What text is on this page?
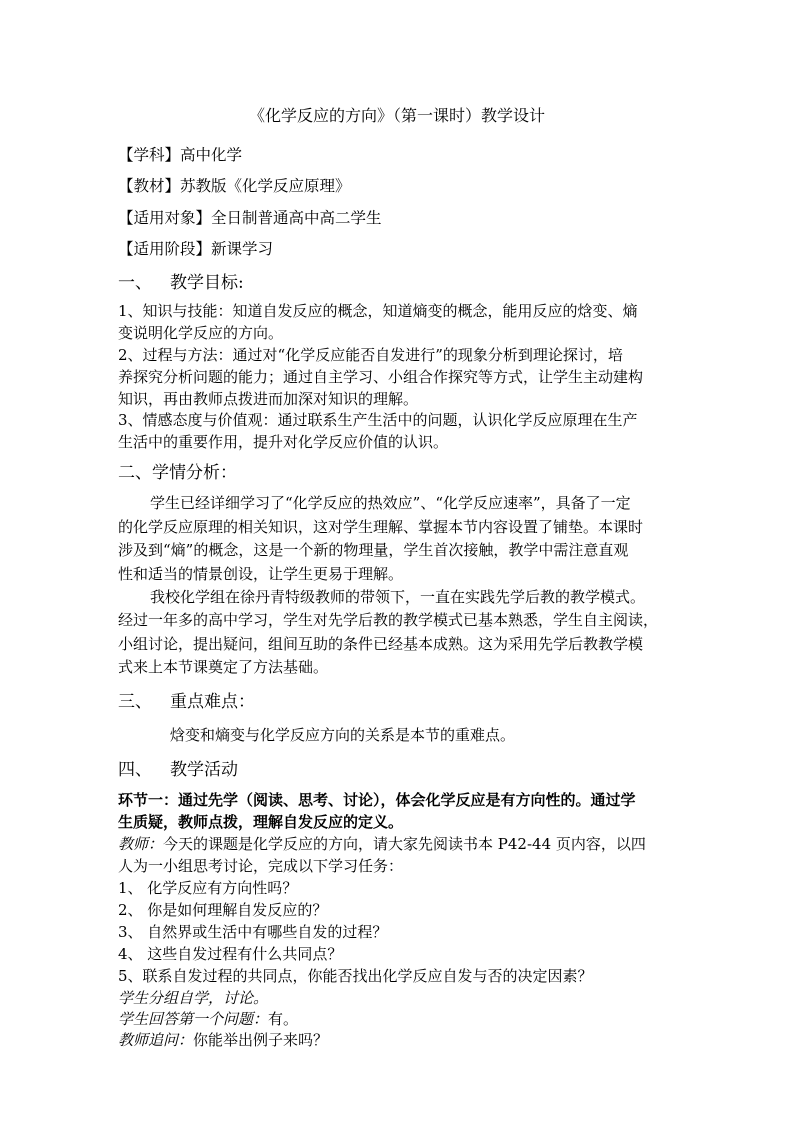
《化学反应的方向》（第一课时）教学设计
【学科】高中化学
【教材】苏教版《化学反应原理》
【适用对象】全日制普通高中高二学生
【适用阶段】新课学习
一、 教学目标:
1、知识与技能：知道自发反应的概念，知道熵变的概念，能用反应的焓变、熵
变说明化学反应的方向。
2、过程与方法：通过对“化学反应能否自发进行”的现象分析到理论探讨，培
养探究分析问题的能力；通过自主学习、小组合作探究等方式，让学生主动建构
知识，再由教师点拨进而加深对知识的理解。
3、情感态度与价值观：通过联系生产生活中的问题，认识化学反应原理在生产
生活中的重要作用，提升对化学反应价值的认识。
二、学情分析：
学生已经详细学习了“化学反应的热效应”、“化学反应速率”，具备了一定
的化学反应原理的相关知识，这对学生理解、掌握本节内容设置了铺垫。本课时
涉及到“熵”的概念，这是一个新的物理量，学生首次接触，教学中需注意直观
性和适当的情景创设，让学生更易于理解。
我校化学组在徐丹青特级教师的带领下，一直在实践先学后教的教学模式。
经过一年多的高中学习，学生对先学后教的教学模式已基本熟悉，学生自主阅读，
小组讨论，提出疑问，组间互助的条件已经基本成熟。这为采用先学后教教学模
式来上本节课奠定了方法基础。
三、 重点难点：
焓变和熵变与化学反应方向的关系是本节的重难点。
四、 教学活动
环节一：通过先学（阅读、思考、讨论），体会化学反应是有方向性的。通过学
生质疑，教师点拨，理解自发反应的定义。
教师：今天的课题是化学反应的方向，请大家先阅读书本 P42-44 页内容，以四
人为一小组思考讨论，完成以下学习任务：
1、 化学反应有方向性吗？
2、 你是如何理解自发反应的？
3、 自然界或生活中有哪些自发的过程？
4、 这些自发过程有什么共同点？
5、联系自发过程的共同点，你能否找出化学反应自发与否的决定因素？
学生分组自学，讨论。
学生回答第一个问题：有。
教师追问：你能举出例子来吗？
